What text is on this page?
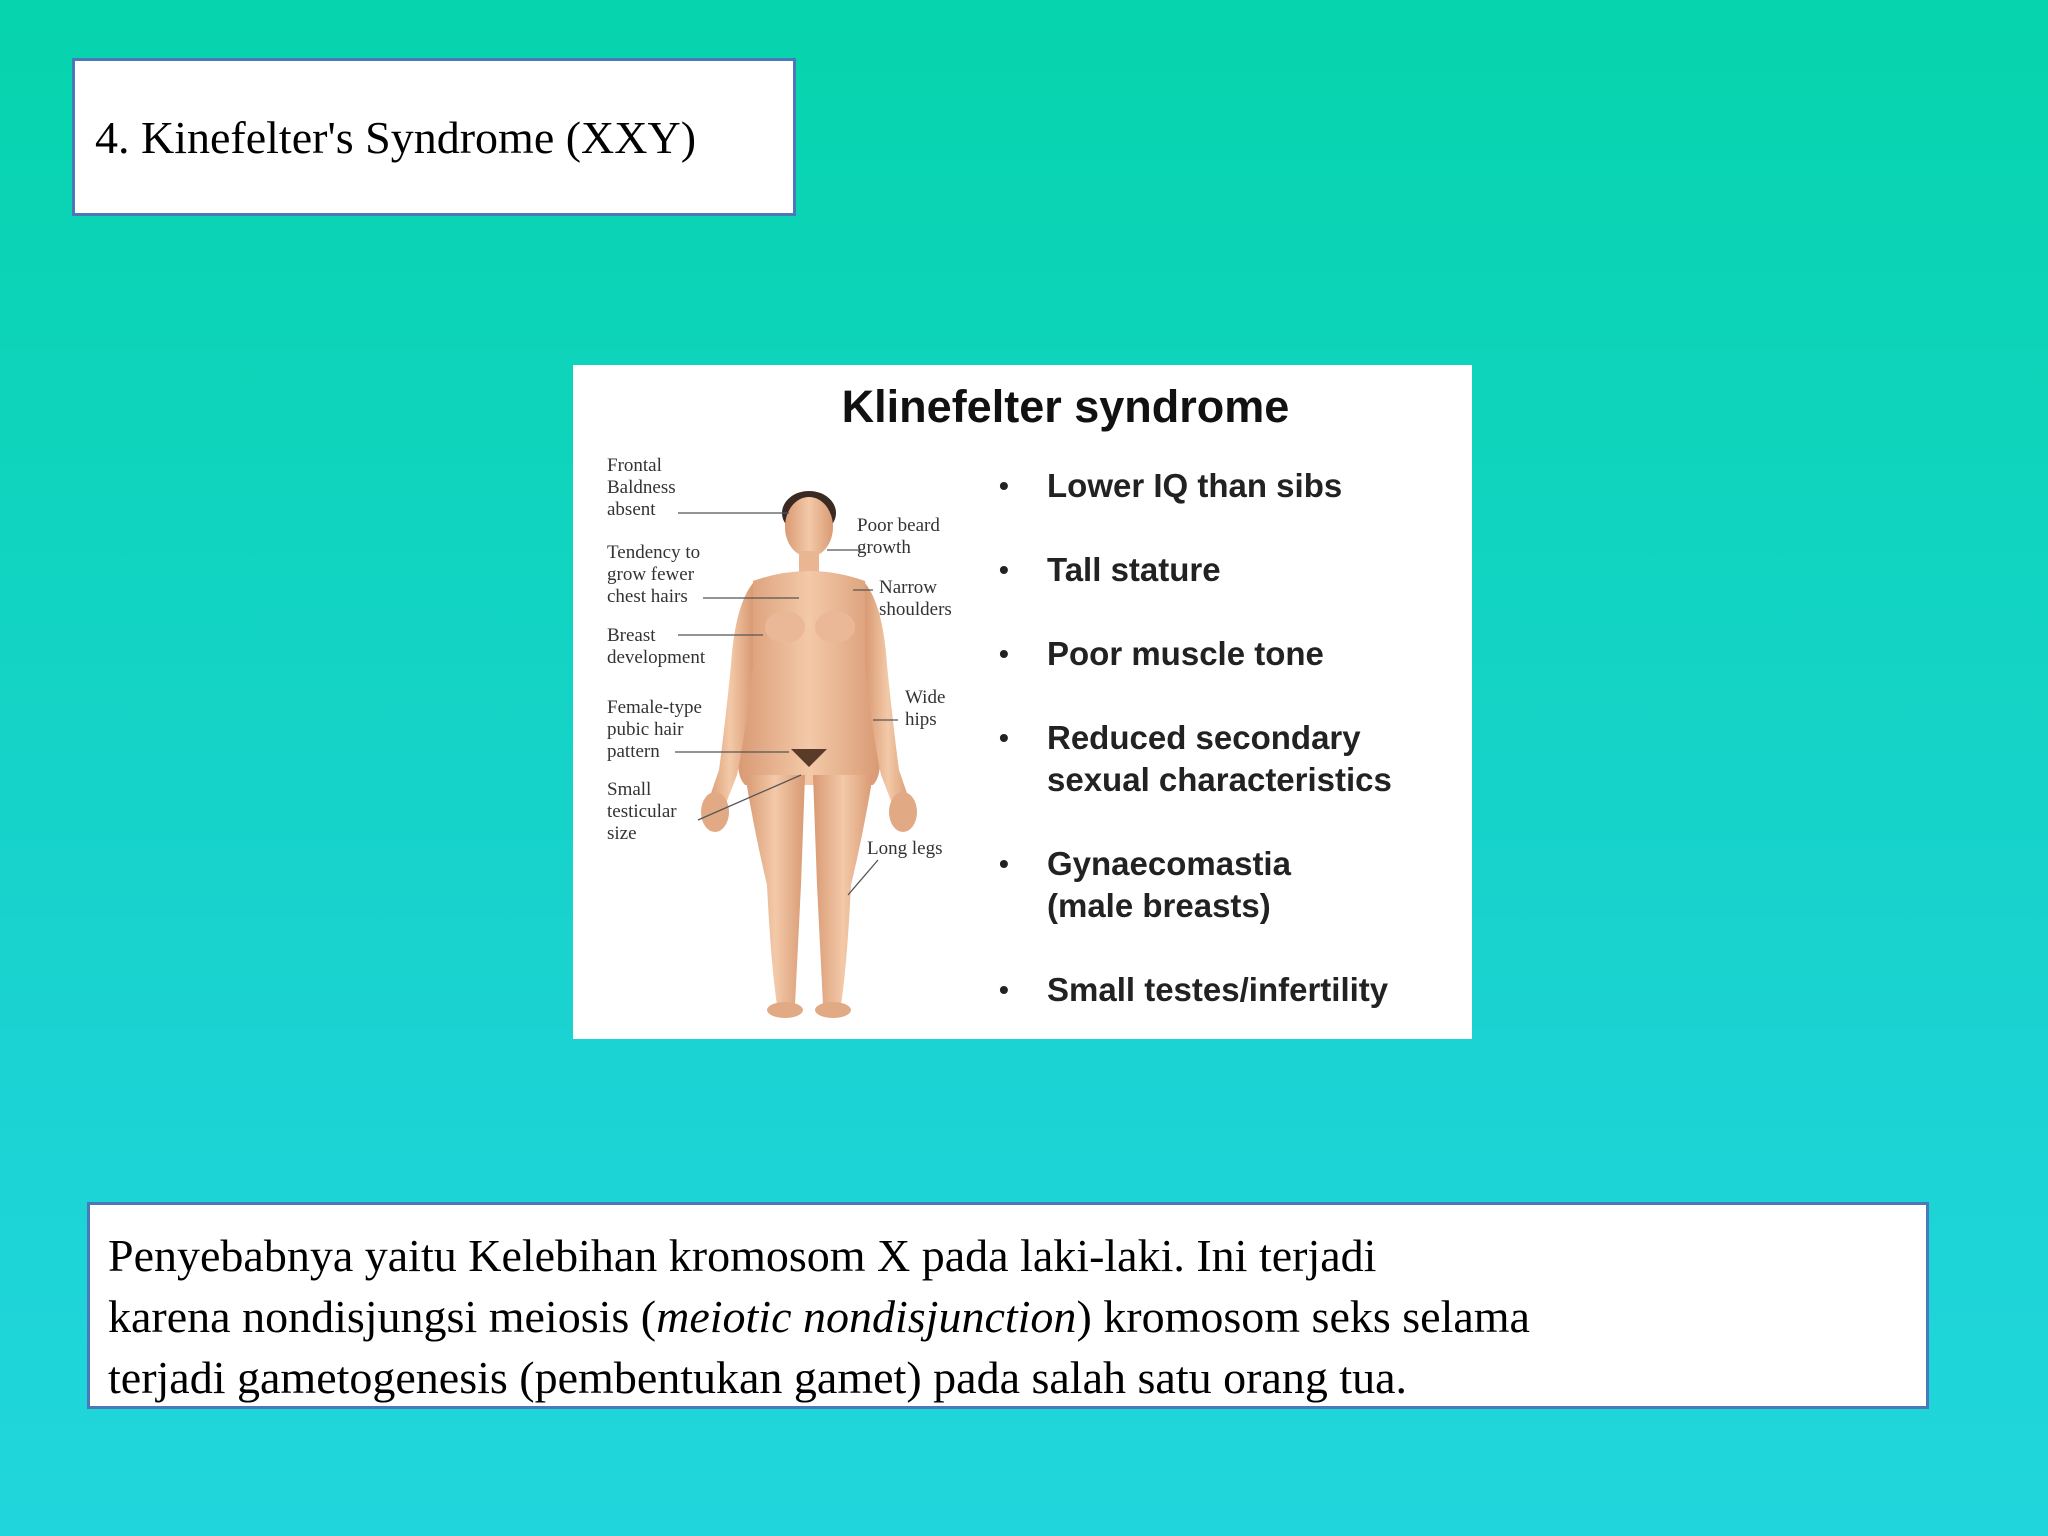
4. Kinefelter's Syndrome (XXY)
Klinefelter syndrome
Frontal
Baldness
absent
Tendency to
grow fewer
chest hairs
Breast
development
Female-type
pubic hair
pattern
Small
testicular
size
Poor beard
growth
Narrow
shoulders
Wide
hips
Long legs
• Lower IQ than sibs
• Tall stature
• Poor muscle tone
• Reduced secondary
sexual characteristics
• Gynaecomastia
(male breasts)
• Small testes/infertility

Penyebabnya yaitu Kelebihan kromosom X pada laki-laki. Ini terjadi

karena nondisjungsi meiosis (meiotic nondisjunction) kromosom seks selama

terjadi gametogenesis (pembentukan gamet) pada salah satu orang tua.
